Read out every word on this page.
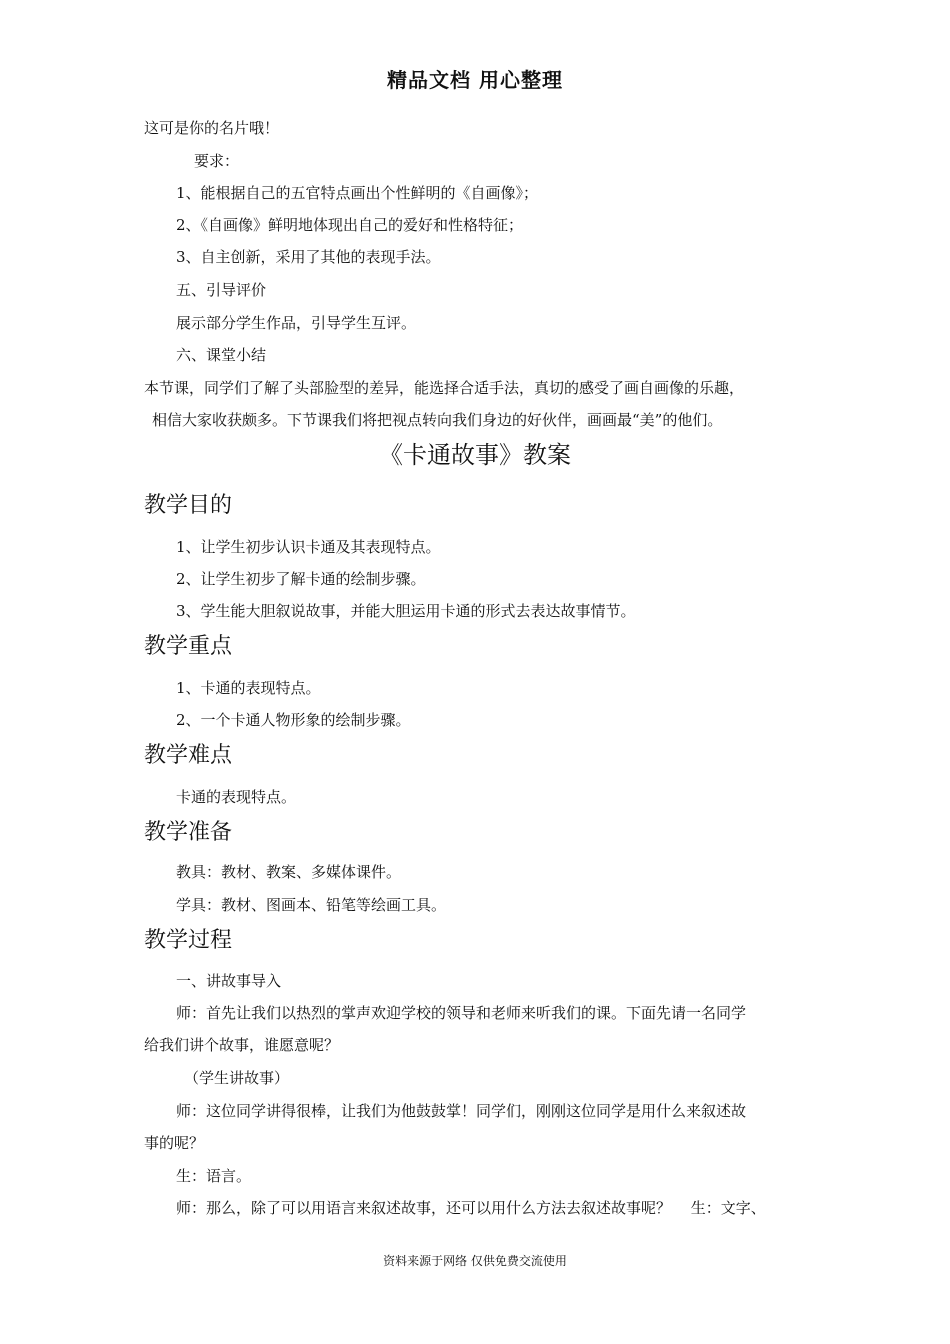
精品文档 用心整理
这可是你的名片哦！
要求：
1、能根据自己的五官特点画出个性鲜明的《自画像》；
2、《自画像》鲜明地体现出自己的爱好和性格特征；
3、自主创新，采用了其他的表现手法。
五、引导评价
展示部分学生作品，引导学生互评。
六、课堂小结
本节课，同学们了解了头部脸型的差异，能选择合适手法，真切的感受了画自画像的乐趣，
相信大家收获颇多。下节课我们将把视点转向我们身边的好伙伴，画画最“美”的他们。
《卡通故事》教案
教学目的
1、让学生初步认识卡通及其表现特点。
2、让学生初步了解卡通的绘制步骤。
3、学生能大胆叙说故事，并能大胆运用卡通的形式去表达故事情节。
教学重点
1、卡通的表现特点。
2、一个卡通人物形象的绘制步骤。
教学难点
卡通的表现特点。
教学准备
教具：教材、教案、多媒体课件。
学具：教材、图画本、铅笔等绘画工具。
教学过程
一、讲故事导入
师：首先让我们以热烈的掌声欢迎学校的领导和老师来听我们的课。下面先请一名同学
给我们讲个故事，谁愿意呢？
（学生讲故事）
师：这位同学讲得很棒，让我们为他鼓鼓掌！同学们，刚刚这位同学是用什么来叙述故
事的呢？
生：语言。
师：那么，除了可以用语言来叙述故事，还可以用什么方法去叙述故事呢？　 生：文字、
资料来源于网络 仅供免费交流使用
